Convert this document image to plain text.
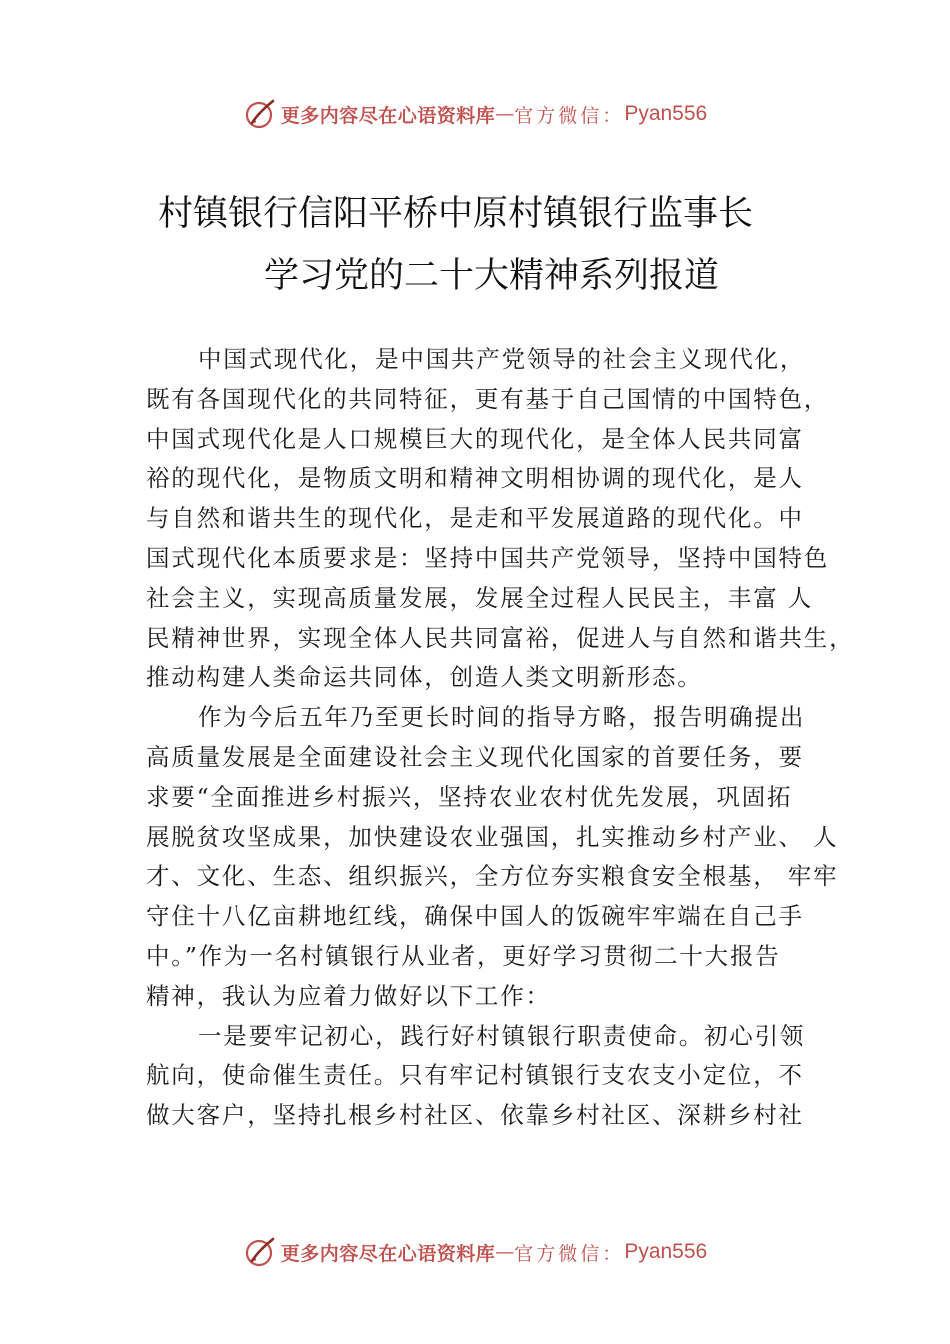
更多内容尽在心语资料库 — 官方微信： Pyan556
村镇银行信阳平桥中原村镇银行监事长
学习党的二十大精神系列报道
中国式现代化，是中国共产党领导的社会主义现代化，
既有各国现代化的共同特征，更有基于自己国情的中国特色，
中国式现代化是人口规模巨大的现代化，是全体人民共同富
裕的现代化，是物质文明和精神文明相协调的现代化，是人
与自然和谐共生的现代化，是走和平发展道路的现代化。中
国式现代化本质要求是：坚持中国共产党领导，坚持中国特色
社会主义，实现高质量发展，发展全过程人民民主，丰富 人
民精神世界，实现全体人民共同富裕，促进人与自然和谐共生，
推动构建人类命运共同体，创造人类文明新形态。
作为今后五年乃至更长时间的指导方略，报告明确提出
高质量发展是全面建设社会主义现代化国家的首要任务，要
求要“全面推进乡村振兴，坚持农业农村优先发展，巩固拓
展脱贫攻坚成果，加快建设农业强国，扎实推动乡村产业、 人
才、文化、生态、组织振兴，全方位夯实粮食安全根基， 牢牢
守住十八亿亩耕地红线，确保中国人的饭碗牢牢端在自己手
中。”作为一名村镇银行从业者，更好学习贯彻二十大报告
精神，我认为应着力做好以下工作：
一是要牢记初心，践行好村镇银行职责使命。初心引领
航向，使命催生责任。只有牢记村镇银行支农支小定位，不
做大客户，坚持扎根乡村社区、依靠乡村社区、深耕乡村社
更多内容尽在心语资料库 — 官方微信： Pyan556
